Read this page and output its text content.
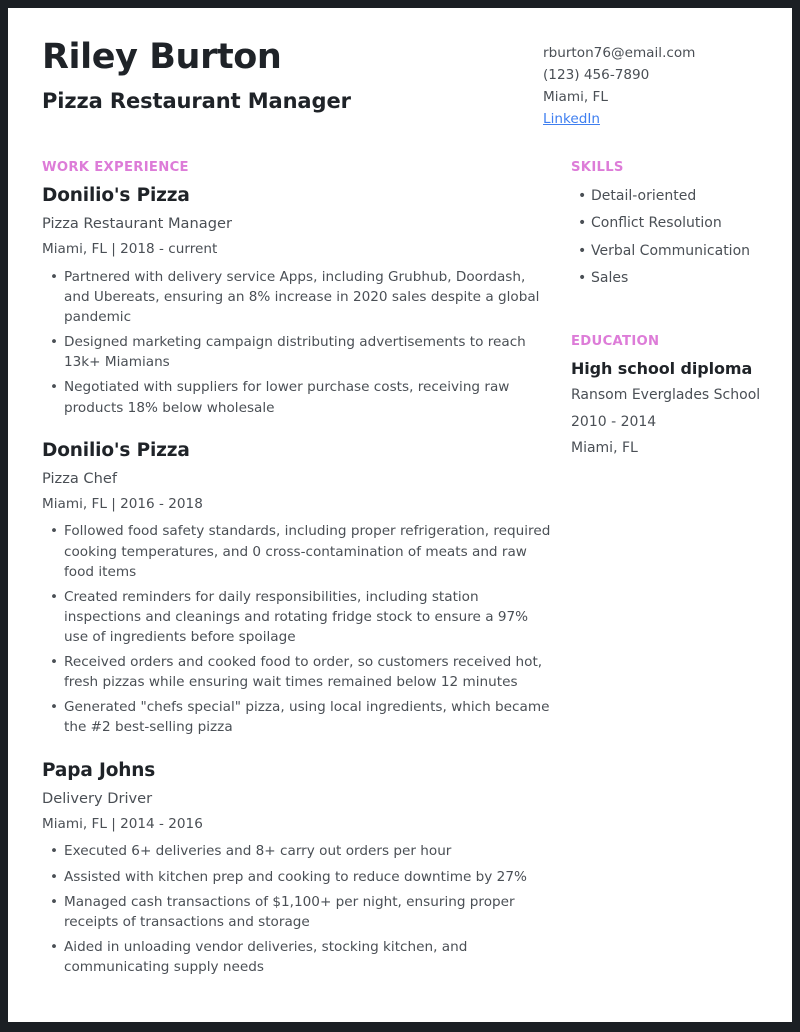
Riley Burton
Pizza Restaurant Manager
rburton76@email.com
(123) 456-7890
Miami, FL
LinkedIn
WORK EXPERIENCE
Donilio's Pizza
Pizza Restaurant Manager
Miami, FL | 2018 - current
• Partnered with delivery service Apps, including Grubhub, Doordash, and Ubereats, ensuring an 8% increase in 2020 sales despite a global pandemic
• Designed marketing campaign distributing advertisements to reach 13k+ Miamians
• Negotiated with suppliers for lower purchase costs, receiving raw products 18% below wholesale
Donilio's Pizza
Pizza Chef
Miami, FL | 2016 - 2018
• Followed food safety standards, including proper refrigeration, required cooking temperatures, and 0 cross-contamination of meats and raw food items
• Created reminders for daily responsibilities, including station inspections and cleanings and rotating fridge stock to ensure a 97% use of ingredients before spoilage
• Received orders and cooked food to order, so customers received hot, fresh pizzas while ensuring wait times remained below 12 minutes
• Generated "chefs special" pizza, using local ingredients, which became the #2 best-selling pizza
Papa Johns
Delivery Driver
Miami, FL | 2014 - 2016
• Executed 6+ deliveries and 8+ carry out orders per hour
• Assisted with kitchen prep and cooking to reduce downtime by 27%
• Managed cash transactions of $1,100+ per night, ensuring proper receipts of transactions and storage
• Aided in unloading vendor deliveries, stocking kitchen, and communicating supply needs
SKILLS
• Detail-oriented
• Conflict Resolution
• Verbal Communication
• Sales
EDUCATION
High school diploma
Ransom Everglades School
2010 - 2014
Miami, FL
